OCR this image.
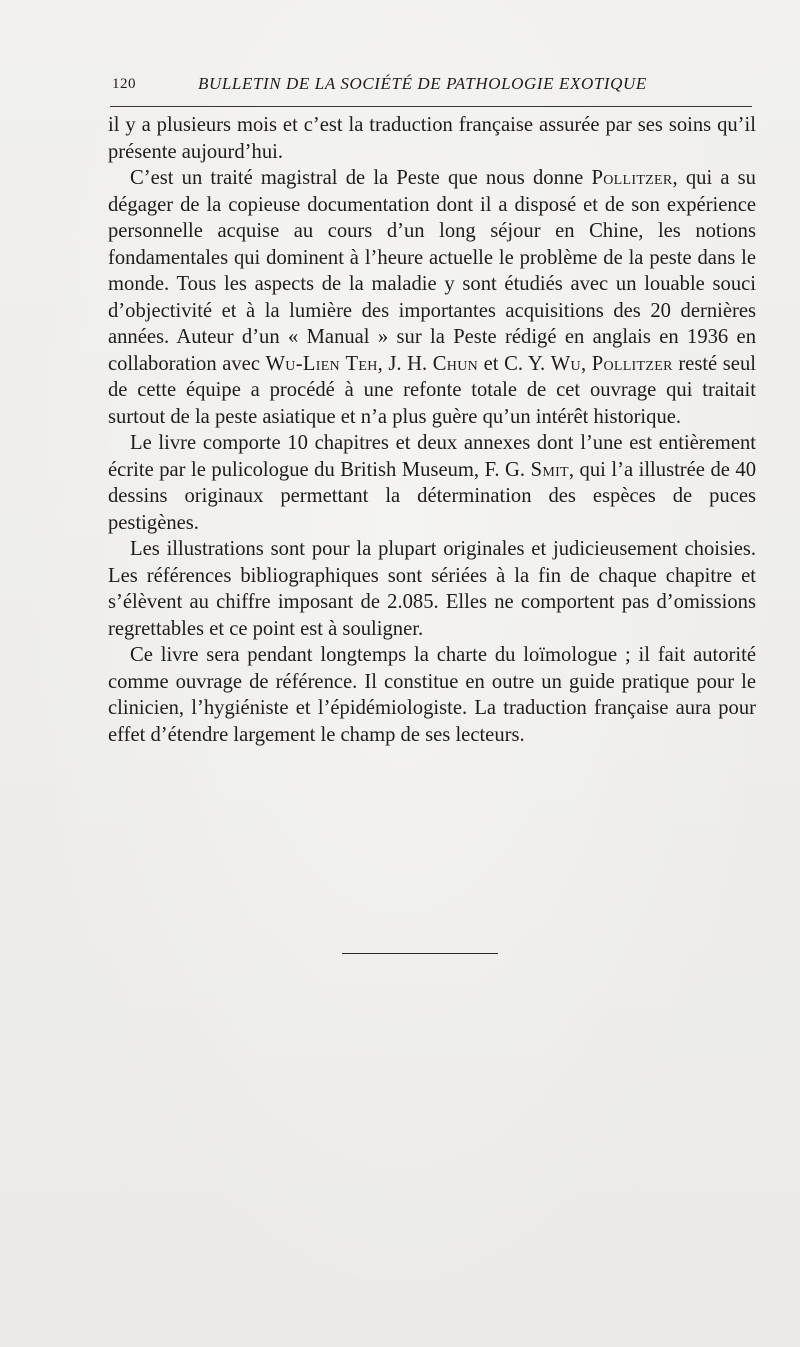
120	BULLETIN DE LA SOCIÉTÉ DE PATHOLOGIE EXOTIQUE

il y a plusieurs mois et c’est la traduction française assurée par ses soins qu’il présente aujourd’hui.

C’est un traité magistral de la Peste que nous donne Pollitzer, qui a su dégager de la copieuse documentation dont il a disposé et de son expérience personnelle acquise au cours d’un long séjour en Chine, les notions fondamentales qui dominent à l’heure actuelle le problème de la peste dans le monde. Tous les aspects de la maladie y sont étudiés avec un louable souci d’objectivité et à la lumière des importantes acquisitions des 20 dernières années. Auteur d’un « Manual » sur la Peste rédigé en anglais en 1936 en collaboration avec Wu-Lien Teh, J. H. Chun et C. Y. Wu, Pollitzer resté seul de cette équipe a procédé à une refonte totale de cet ouvrage qui traitait surtout de la peste asiatique et n’a plus guère qu’un intérêt historique.

Le livre comporte 10 chapitres et deux annexes dont l’une est entièrement écrite par le pulicologue du British Museum, F. G. Smit, qui l’a illustrée de 40 dessins originaux permettant la détermination des espèces de puces pestigènes.

Les illustrations sont pour la plupart originales et judicieusement choisies. Les références bibliographiques sont sériées à la fin de chaque chapitre et s’élèvent au chiffre imposant de 2.085. Elles ne comportent pas d’omissions regrettables et ce point est à souligner.

Ce livre sera pendant longtemps la charte du loïmologue ; il fait autorité comme ouvrage de référence. Il constitue en outre un guide pratique pour le clinicien, l’hygiéniste et l’épidémiologiste. La traduction française aura pour effet d’étendre largement le champ de ses lecteurs.
